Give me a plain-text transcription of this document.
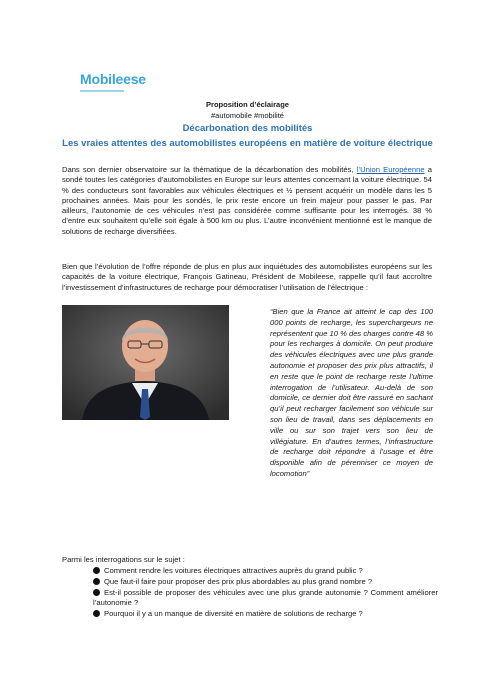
Mobileese
Proposition d’éclairage
#automobile #mobilité
Décarbonation des mobilités
Les vraies attentes des automobilistes européens en matière de voiture électrique
Dans son dernier observatoire sur la thématique de la décarbonation des mobilités, l’Union Européenne a sondé toutes les catégories d’automobilistes en Europe sur leurs attentes concernant la voiture électrique. 54 % des conducteurs sont favorables aux véhicules électriques et ½ pensent acquérir un modèle dans les 5 prochaines années. Mais pour les sondés, le prix reste encore un frein majeur pour passer le pas. Par ailleurs, l’autonomie de ces véhicules n’est pas considérée comme suffisante pour les interrogés. 38 % d’entre eux souhaitent qu’elle soit égale à 500 km ou plus. L’autre inconvénient mentionné est le manque de solutions de recharge diversifiées.
Bien que l’évolution de l’offre réponde de plus en plus aux inquiétudes des automobilistes européens sur les capacités de la voiture électrique, François Gatineau, Président de Mobileese, rappelle qu’il faut accroître l’investissement d’infrastructures de recharge pour démocratiser l’utilisation de l’électrique :
“Bien que la France ait atteint le cap des 100 000 points de recharge, les superchargeurs ne représentent que 10 % des charges contre 48 % pour les recharges à domicile. On peut produire des véhicules électriques avec une plus grande autonomie et proposer des prix plus attractifs, il en reste que le point de recharge reste l’ultime interrogation de l’utilisateur. Au-delà de son domicile, ce dernier doit être rassuré en sachant qu’il peut recharger facilement son véhicule sur son lieu de travail, dans ses déplacements en ville ou sur son trajet vers son lieu de villégiature. En d’autres termes, l’infrastructure de recharge doit répondre à l’usage et être disponible afin de pérenniser ce moyen de locomotion”
Parmi les interrogations sur le sujet :
Comment rendre les voitures électriques attractives auprès du grand public ?
Que faut-il faire pour proposer des prix plus abordables au plus grand nombre ?
Est-il possible de proposer des véhicules avec une plus grande autonomie ? Comment améliorer l’autonomie ?
Pourquoi il y a un manque de diversité en matière de solutions de recharge ?
